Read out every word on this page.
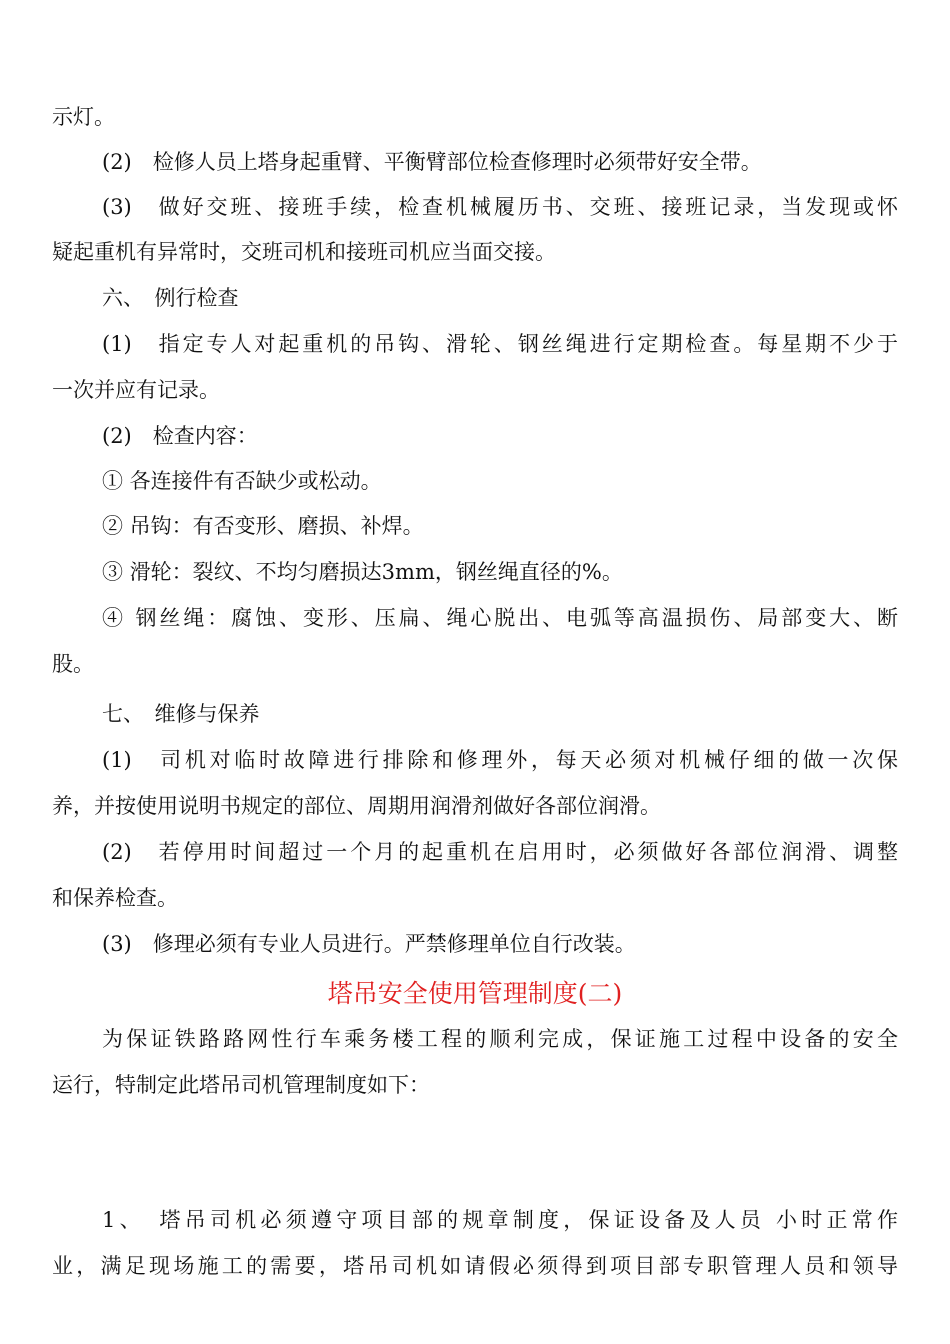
示灯。
(2)　检修人员上塔身起重臂、平衡臂部位检查修理时必须带好安全带。
(3)　做好交班、接班手续，检查机械履历书、交班、接班记录，当发现或怀
疑起重机有异常时，交班司机和接班司机应当面交接。
六、　例行检查
(1)　指定专人对起重机的吊钩、滑轮、钢丝绳进行定期检查。每星期不少于
一次并应有记录。
(2)　检查内容：
① 各连接件有否缺少或松动。
② 吊钩：有否变形、磨损、补焊。
③ 滑轮：裂纹、不均匀磨损达3mm，钢丝绳直径的%。
④ 钢丝绳：腐蚀、变形、压扁、绳心脱出、电弧等高温损伤、局部变大、断
股。
七、　维修与保养
(1)　司机对临时故障进行排除和修理外，每天必须对机械仔细的做一次保
养，并按使用说明书规定的部位、周期用润滑剂做好各部位润滑。
(2)　若停用时间超过一个月的起重机在启用时，必须做好各部位润滑、调整
和保养检查。
(3)　修理必须有专业人员进行。严禁修理单位自行改装。
塔吊安全使用管理制度(二)
为保证铁路路网性行车乘务楼工程的顺利完成，保证施工过程中设备的安全
运行，特制定此塔吊司机管理制度如下：
1、　塔吊司机必须遵守项目部的规章制度，保证设备及人员 小时正常作
业，满足现场施工的需要，塔吊司机如请假必须得到项目部专职管理人员和领导
